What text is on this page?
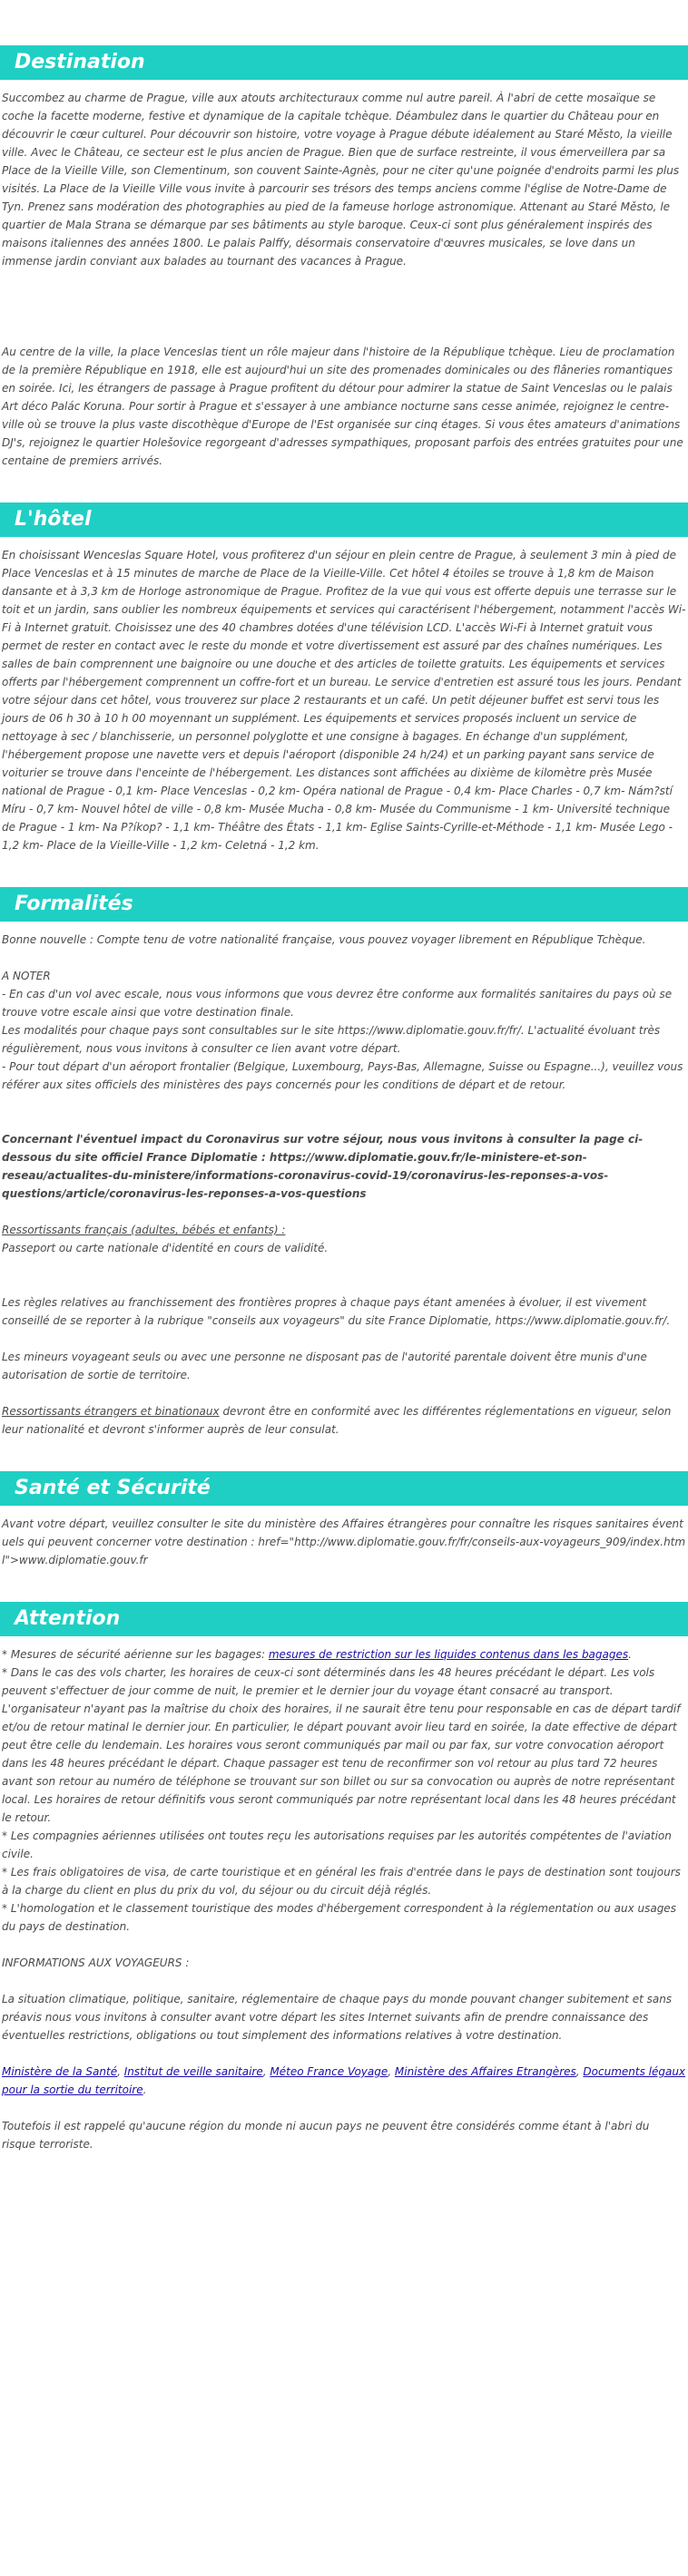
Destination

Succombez au charme de Prague, ville aux atouts architecturaux comme nul autre pareil. À l'abri de cette mosaïque se coche la facette moderne, festive et dynamique de la capitale tchèque. Déambulez dans le quartier du Château pour en découvrir le cœur culturel. Pour découvrir son histoire, votre voyage à Prague débute idéalement au Staré Město, la vieille ville. Avec le Château, ce secteur est le plus ancien de Prague. Bien que de surface restreinte, il vous émerveillera par sa Place de la Vieille Ville, son Clementinum, son couvent Sainte-Agnès, pour ne citer qu'une poignée d'endroits parmi les plus visités. La Place de la Vieille Ville vous invite à parcourir ses trésors des temps anciens comme l'église de Notre-Dame de Tyn. Prenez sans modération des photographies au pied de la fameuse horloge astronomique. Attenant au Staré Město, le quartier de Mala Strana se démarque par ses bâtiments au style baroque. Ceux-ci sont plus généralement inspirés des maisons italiennes des années 1800. Le palais Palffy, désormais conservatoire d'œuvres musicales, se love dans un immense jardin conviant aux balades au tournant des vacances à Prague.

Au centre de la ville, la place Venceslas tient un rôle majeur dans l'histoire de la République tchèque. Lieu de proclamation de la première République en 1918, elle est aujourd'hui un site des promenades dominicales ou des flâneries romantiques en soirée. Ici, les étrangers de passage à Prague profitent du détour pour admirer la statue de Saint Venceslas ou le palais Art déco Palác Koruna. Pour sortir à Prague et s'essayer à une ambiance nocturne sans cesse animée, rejoignez le centre-ville où se trouve la plus vaste discothèque d'Europe de l'Est organisée sur cinq étages. Si vous êtes amateurs d'animations DJ's, rejoignez le quartier Holešovice regorgeant d'adresses sympathiques, proposant parfois des entrées gratuites pour une centaine de premiers arrivés.

L'hôtel

En choisissant Wenceslas Square Hotel, vous profiterez d'un séjour en plein centre de Prague, à seulement 3 min à pied de Place Venceslas et à 15 minutes de marche de Place de la Vieille-Ville. Cet hôtel 4 étoiles se trouve à 1,8 km de Maison dansante et à 3,3 km de Horloge astronomique de Prague. Profitez de la vue qui vous est offerte depuis une terrasse sur le toit et un jardin, sans oublier les nombreux équipements et services qui caractérisent l'hébergement, notamment l'accès Wi-Fi à Internet gratuit. Choisissez une des 40 chambres dotées d'une télévision LCD. L'accès Wi-Fi à Internet gratuit vous permet de rester en contact avec le reste du monde et votre divertissement est assuré par des chaînes numériques. Les salles de bain comprennent une baignoire ou une douche et des articles de toilette gratuits. Les équipements et services offerts par l'hébergement comprennent un coffre-fort et un bureau. Le service d'entretien est assuré tous les jours. Pendant votre séjour dans cet hôtel, vous trouverez sur place 2 restaurants et un café. Un petit déjeuner buffet est servi tous les jours de 06 h 30 à 10 h 00 moyennant un supplément. Les équipements et services proposés incluent un service de nettoyage à sec / blanchisserie, un personnel polyglotte et une consigne à bagages. En échange d'un supplément, l'hébergement propose une navette vers et depuis l'aéroport (disponible 24 h/24) et un parking payant sans service de voiturier se trouve dans l'enceinte de l'hébergement. Les distances sont affichées au dixième de kilomètre près Musée national de Prague - 0,1 km- Place Venceslas - 0,2 km- Opéra national de Prague - 0,4 km- Place Charles - 0,7 km- Nám?stí Míru - 0,7 km- Nouvel hôtel de ville - 0,8 km- Musée Mucha - 0,8 km- Musée du Communisme - 1 km- Université technique de Prague - 1 km- Na P?íkop? - 1,1 km- Théâtre des États - 1,1 km- Eglise Saints-Cyrille-et-Méthode - 1,1 km- Musée Lego - 1,2 km- Place de la Vieille-Ville - 1,2 km- Celetná - 1,2 km.

Formalités

Bonne nouvelle : Compte tenu de votre nationalité française, vous pouvez voyager librement en République Tchèque.

A NOTER

- En cas d'un vol avec escale, nous vous informons que vous devrez être conforme aux formalités sanitaires du pays où se trouve votre escale ainsi que votre destination finale.

Les modalités pour chaque pays sont consultables sur le site https://www.diplomatie.gouv.fr/fr/. L'actualité évoluant très régulièrement, nous vous invitons à consulter ce lien avant votre départ.

- Pour tout départ d'un aéroport frontalier (Belgique, Luxembourg, Pays-Bas, Allemagne, Suisse ou Espagne...), veuillez vous référer aux sites officiels des ministères des pays concernés pour les conditions de départ et de retour.

Concernant l'éventuel impact du Coronavirus sur votre séjour, nous vous invitons à consulter la page ci-dessous du site officiel France Diplomatie : https://www.diplomatie.gouv.fr/le-ministere-et-son-reseau/actualites-du-ministere/informations-coronavirus-covid-19/coronavirus-les-reponses-a-vos-questions/article/coronavirus-les-reponses-a-vos-questions

Ressortissants français (adultes, bébés et enfants) :

Passeport ou carte nationale d'identité en cours de validité.

Les règles relatives au franchissement des frontières propres à chaque pays étant amenées à évoluer, il est vivement conseillé de se reporter à la rubrique "conseils aux voyageurs" du site France Diplomatie, https://www.diplomatie.gouv.fr/.

Les mineurs voyageant seuls ou avec une personne ne disposant pas de l'autorité parentale doivent être munis d'une autorisation de sortie de territoire.

Ressortissants étrangers et binationaux devront être en conformité avec les différentes réglementations en vigueur, selon leur nationalité et devront s'informer auprès de leur consulat.

Santé et Sécurité

Avant votre départ, veuillez consulter le site du ministère des Affaires étrangères pour connaître les risques sanitaires éventuels qui peuvent concerner votre destination : href="http://www.diplomatie.gouv.fr/fr/conseils-aux-voyageurs_909/index.html">www.diplomatie.gouv.fr

Attention

* Mesures de sécurité aérienne sur les bagages: mesures de restriction sur les liquides contenus dans les bagages.

* Dans le cas des vols charter, les horaires de ceux-ci sont déterminés dans les 48 heures précédant le départ. Les vols peuvent s'effectuer de jour comme de nuit, le premier et le dernier jour du voyage étant consacré au transport. L'organisateur n'ayant pas la maîtrise du choix des horaires, il ne saurait être tenu pour responsable en cas de départ tardif et/ou de retour matinal le dernier jour. En particulier, le départ pouvant avoir lieu tard en soirée, la date effective de départ peut être celle du lendemain. Les horaires vous seront communiqués par mail ou par fax, sur votre convocation aéroport dans les 48 heures précédant le départ. Chaque passager est tenu de reconfirmer son vol retour au plus tard 72 heures avant son retour au numéro de téléphone se trouvant sur son billet ou sur sa convocation ou auprès de notre représentant local. Les horaires de retour définitifs vous seront communiqués par notre représentant local dans les 48 heures précédant le retour.

* Les compagnies aériennes utilisées ont toutes reçu les autorisations requises par les autorités compétentes de l'aviation civile.

* Les frais obligatoires de visa, de carte touristique et en général les frais d'entrée dans le pays de destination sont toujours à la charge du client en plus du prix du vol, du séjour ou du circuit déjà réglés.

* L'homologation et le classement touristique des modes d'hébergement correspondent à la réglementation ou aux usages du pays de destination.

INFORMATIONS AUX VOYAGEURS :

La situation climatique, politique, sanitaire, réglementaire de chaque pays du monde pouvant changer subitement et sans préavis nous vous invitons à consulter avant votre départ les sites Internet suivants afin de prendre connaissance des éventuelles restrictions, obligations ou tout simplement des informations relatives à votre destination.

Ministère de la Santé, Institut de veille sanitaire, Méteo France Voyage, Ministère des Affaires Etrangères, Documents légaux pour la sortie du territoire.

Toutefois il est rappelé qu'aucune région du monde ni aucun pays ne peuvent être considérés comme étant à l'abri du risque terroriste.
